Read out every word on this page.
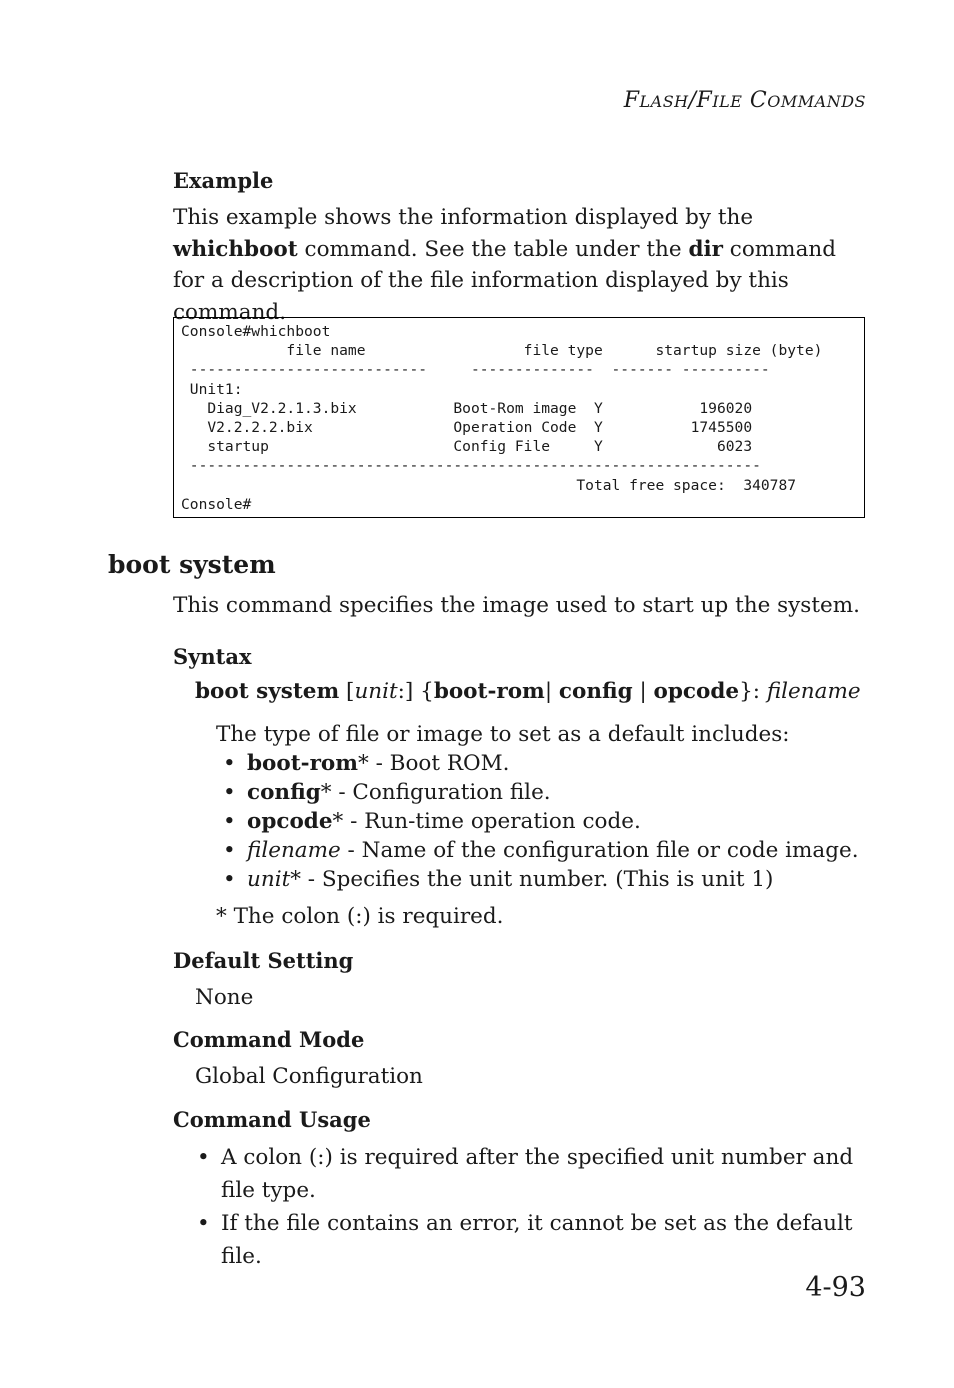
FLASH/FILE COMMANDS
Example
This example shows the information displayed by the whichboot command. See the table under the dir command for a description of the file information displayed by this command.
Console#whichboot
file name                  file type      startup size (byte)
---------------------------     --------------  ------- ----------
Unit1:
Diag_V2.2.1.3.bix           Boot-Rom image  Y           196020
V2.2.2.2.bix                Operation Code  Y          1745500
startup                     Config File     Y             6023
-----------------------------------------------------------------
Total free space:  340787
Console#
boot system
This command specifies the image used to start up the system.
Syntax
boot system [unit:] {boot-rom| config | opcode}: filename
The type of file or image to set as a default includes:
• boot-rom* - Boot ROM.
• config* - Configuration file.
• opcode* - Run-time operation code.
• filename - Name of the configuration file or code image.
• unit* - Specifies the unit number. (This is unit 1)
* The colon (:) is required.
Default Setting
None
Command Mode
Global Configuration
Command Usage
• A colon (:) is required after the specified unit number and file type.
• If the file contains an error, it cannot be set as the default file.
4-93
